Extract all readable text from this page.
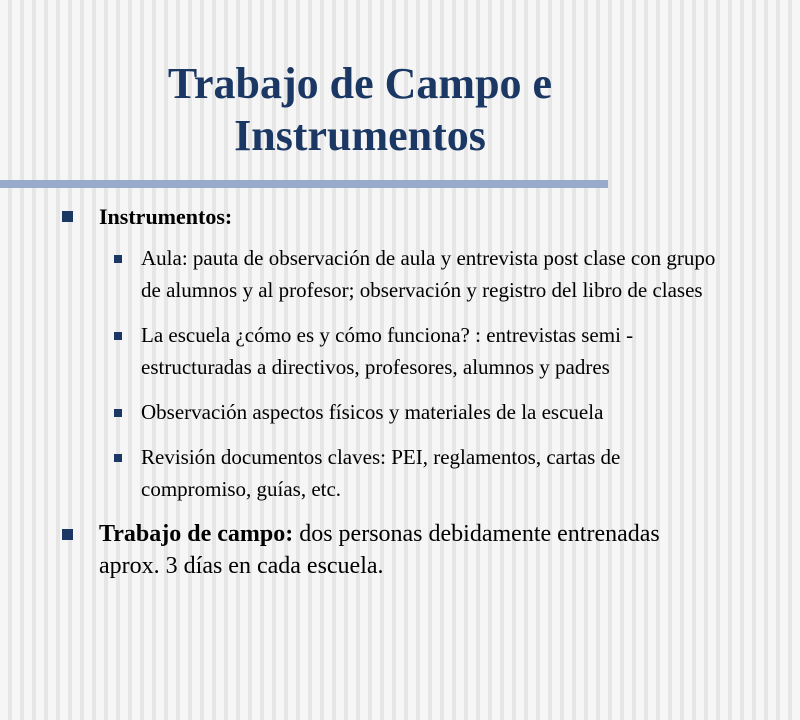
Trabajo de Campo e
Instrumentos
Instrumentos:
Aula: pauta de observación de aula y entrevista post clase con grupo de alumnos y al profesor; observación y registro del libro de clases
La escuela ¿cómo es y cómo funciona? : entrevistas semi - estructuradas a directivos, profesores, alumnos y padres
Observación aspectos físicos y materiales de la escuela
Revisión documentos claves: PEI, reglamentos, cartas de compromiso, guías, etc.
Trabajo de campo: dos personas debidamente entrenadas aprox. 3 días en cada escuela.
